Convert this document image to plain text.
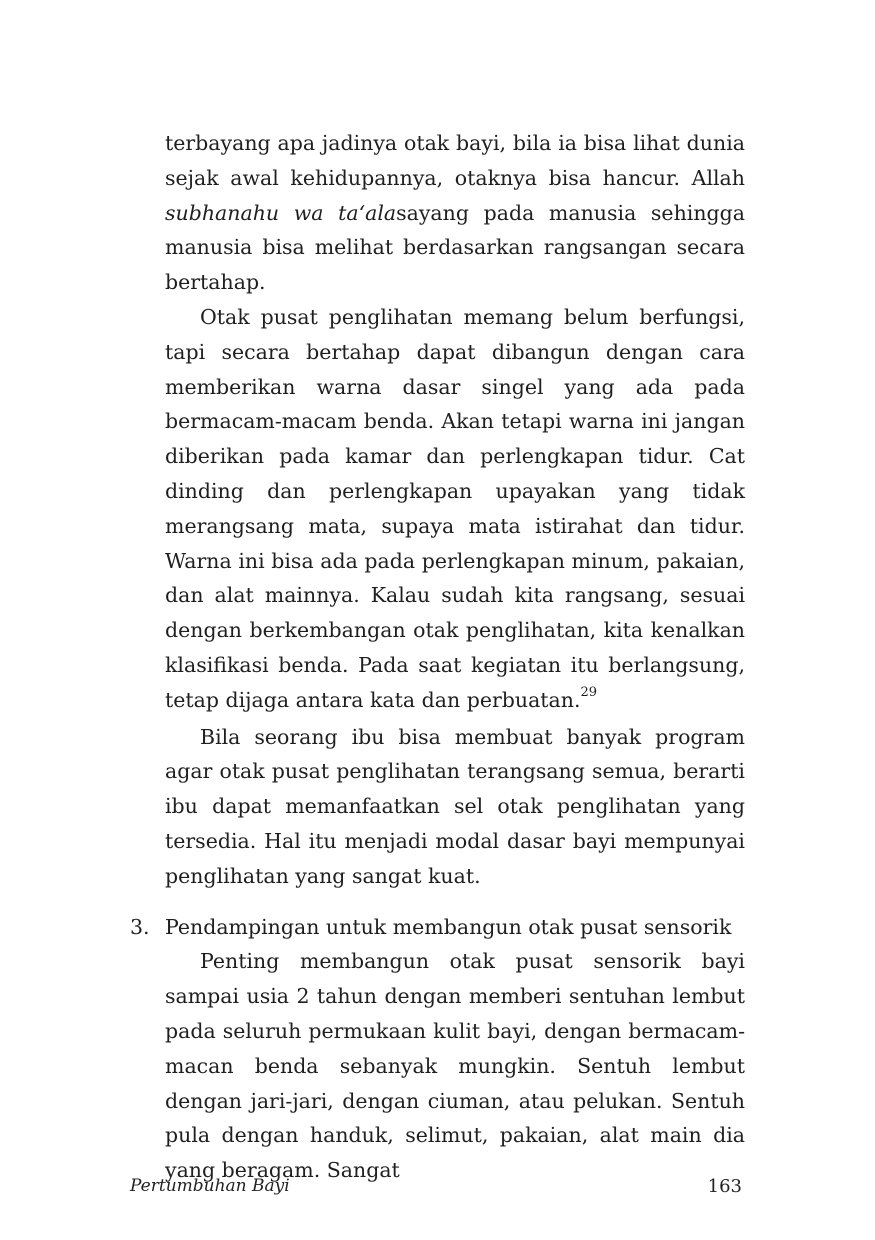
terbayang apa jadinya otak bayi, bila ia bisa lihat dunia sejak awal kehidupannya, otaknya bisa hancur. Allah subhanahu wa ta‘alasayang pada manusia sehingga manusia bisa melihat berdasarkan rangsangan secara bertahap.

Otak pusat penglihatan memang belum berfungsi, tapi secara bertahap dapat dibangun dengan cara memberikan warna dasar singel yang ada pada bermacam-macam benda. Akan tetapi warna ini jangan diberikan pada kamar dan perlengkapan tidur. Cat dinding dan perlengkapan upayakan yang tidak merangsang mata, supaya mata istirahat dan tidur. Warna ini bisa ada pada perlengkapan minum, pakaian, dan alat mainnya. Kalau sudah kita rangsang, sesuai dengan berkembangan otak penglihatan, kita kenalkan klasifikasi benda. Pada saat kegiatan itu berlangsung, tetap dijaga antara kata dan perbuatan.$^{29}$

Bila seorang ibu bisa membuat banyak program agar otak pusat penglihatan terangsang semua, berarti ibu dapat memanfaatkan sel otak penglihatan yang tersedia. Hal itu menjadi modal dasar bayi mempunyai penglihatan yang sangat kuat.

3. Pendampingan untuk membangun otak pusat sensorik

Penting membangun otak pusat sensorik bayi sampai usia 2 tahun dengan memberi sentuhan lembut pada seluruh permukaan kulit bayi, dengan bermacam-macan benda sebanyak mungkin. Sentuh lembut dengan jari-jari, dengan ciuman, atau pelukan. Sentuh pula dengan handuk, selimut, pakaian, alat main dia yang beragam. Sangat

Pertumbuhan Bayi	163
